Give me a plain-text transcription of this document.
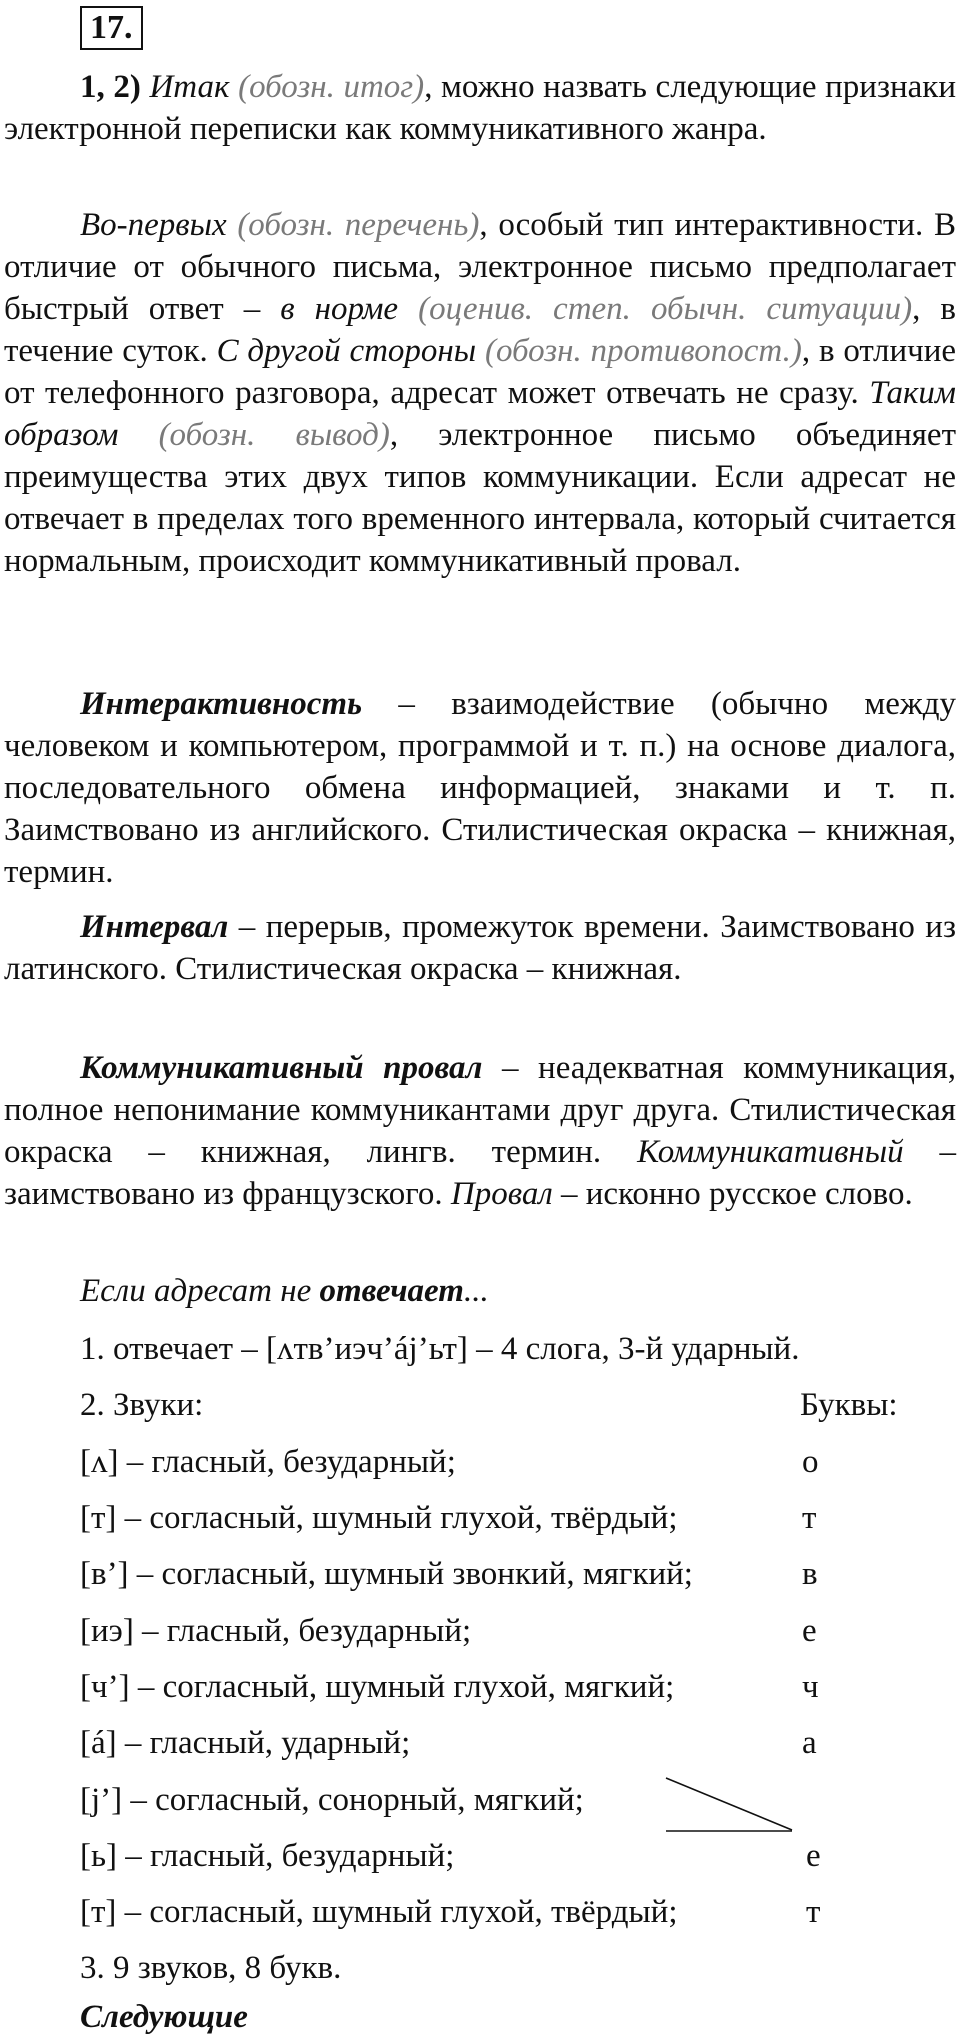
17.

1, 2) Итак (обозн. итог), можно назвать следующие признаки электронной переписки как коммуникативного жанра.

Во-первых (обозн. перечень), особый тип интерактивности. В отличие от обычного письма, электронное письмо предполагает быстрый ответ – в норме (оценив. степ. обычн. ситуации), в течение суток. С другой стороны (обозн. противопост.), в отличие от телефонного разговора, адресат может отвечать не сразу. Таким образом (обозн. вывод), электронное письмо объединяет преимущества этих двух типов коммуникации. Если адресат не отвечает в пределах того временного интервала, который считается нормальным, происходит коммуникативный провал.

Интерактивность – взаимодействие (обычно между человеком и компьютером, программой и т. п.) на основе диалога, последовательного обмена информацией, знаками и т. п. Заимствовано из английского. Стилистическая окраска – книжная, термин.

Интервал – перерыв, промежуток времени. Заимствовано из латинского. Стилистическая окраска – книжная.

Коммуникативный провал – неадекватная коммуникация, полное непонимание коммуникантами друг друга. Стилистическая окраска – книжная, лингв. термин. Коммуникативный – заимствовано из французского. Провал – исконно русское слово.

Если адресат не отвечает...
1. отвечает – [ʌтв’иэч’áj’ьт] – 4 слога, 3-й ударный.
2. Звуки:	Буквы:
[ʌ] – гласный, безударный;	о
[т] – согласный, шумный глухой, твёрдый;	т
[в’] – согласный, шумный звонкий, мягкий;	в
[иэ] – гласный, безударный;	е
[ч’] – согласный, шумный глухой, мягкий;	ч
[á] – гласный, ударный;	а
[j’] – согласный, сонорный, мягкий;
[ь] – гласный, безударный;	е
[т] – согласный, шумный глухой, твёрдый;	т
3. 9 звуков, 8 букв.
Следующие
